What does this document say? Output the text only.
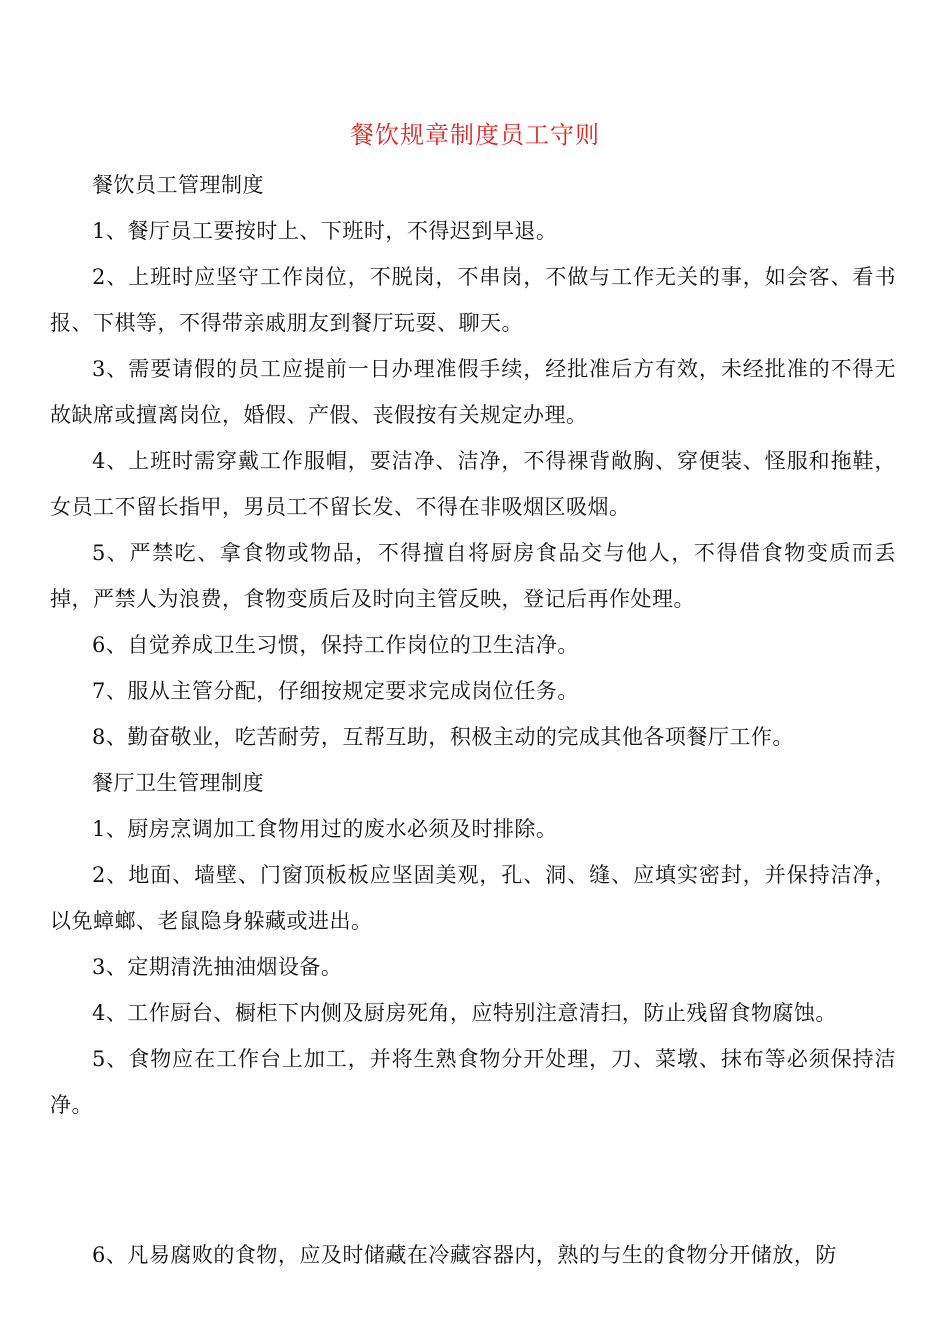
餐饮规章制度员工守则

餐饮员工管理制度

1、餐厅员工要按时上、下班时，不得迟到早退。

2、上班时应坚守工作岗位，不脱岗，不串岗，不做与工作无关的事，如会客、看书报、下棋等，不得带亲戚朋友到餐厅玩耍、聊天。

3、需要请假的员工应提前一日办理准假手续，经批准后方有效，未经批准的不得无故缺席或擅离岗位，婚假、产假、丧假按有关规定办理。

4、上班时需穿戴工作服帽，要洁净、洁净，不得裸背敞胸、穿便装、怪服和拖鞋，女员工不留长指甲，男员工不留长发、不得在非吸烟区吸烟。

5、严禁吃、拿食物或物品，不得擅自将厨房食品交与他人，不得借食物变质而丢掉，严禁人为浪费，食物变质后及时向主管反映，登记后再作处理。

6、自觉养成卫生习惯，保持工作岗位的卫生洁净。

7、服从主管分配，仔细按规定要求完成岗位任务。

8、勤奋敬业，吃苦耐劳，互帮互助，积极主动的完成其他各项餐厅工作。

餐厅卫生管理制度

1、厨房烹调加工食物用过的废水必须及时排除。

2、地面、墙壁、门窗顶板板应坚固美观，孔、洞、缝、应填实密封，并保持洁净，以免蟑螂、老鼠隐身躲藏或进出。

3、定期清洗抽油烟设备。

4、工作厨台、橱柜下内侧及厨房死角，应特别注意清扫，防止残留食物腐蚀。

5、食物应在工作台上加工，并将生熟食物分开处理，刀、菜墩、抹布等必须保持洁净。

6、凡易腐败的食物，应及时储藏在冷藏容器内，熟的与生的食物分开储放，防
